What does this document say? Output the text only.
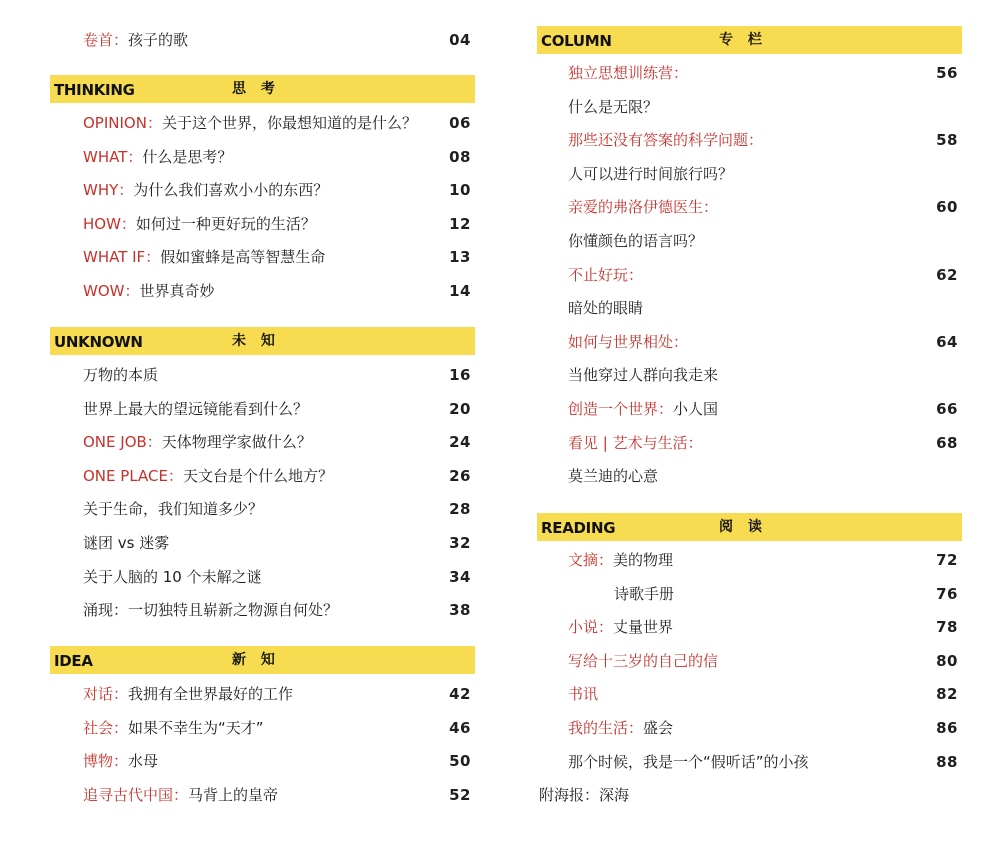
卷首：孩子的歌	04
THINKING	思 考
OPINION：关于这个世界，你最想知道的是什么？ 06
WHAT：什么是思考？	08
WHY：为什么我们喜欢小小的东西？	10
HOW：如何过一种更好玩的生活？	12
WHAT IF：假如蜜蜂是高等智慧生命	13
WOW：世界真奇妙	14
UNKNOWN	未 知
万物的本质	16
世界上最大的望远镜能看到什么？	20
ONE JOB：天体物理学家做什么？	24
ONE PLACE：天文台是个什么地方？	26
关于生命，我们知道多少？	28
谜团 vs 迷雾	32
关于人脑的 10 个未解之谜	34
涌现：一切独特且崭新之物源自何处？	38
IDEA	新 知
对话：我拥有全世界最好的工作	42
社会：如果不幸生为“天才”	46
博物：水母	50
追寻古代中国：马背上的皇帝	52
COLUMN	专 栏
独立思想训练营：	56
什么是无限？
那些还没有答案的科学问题：	58
人可以进行时间旅行吗？
亲爱的弗洛伊德医生：	60
你懂颜色的语言吗？
不止好玩：	62
暗处的眼睛
如何与世界相处：	64
当他穿过人群向我走来
创造一个世界：小人国	66
看见 | 艺术与生活：	68
莫兰迪的心意
READING	阅 读
文摘：美的物理	72
诗歌手册	76
小说：丈量世界	78
写给十三岁的自己的信	80
书讯	82
我的生活：盛会	86
那个时候，我是一个“假听话”的小孩	88
附海报：深海
